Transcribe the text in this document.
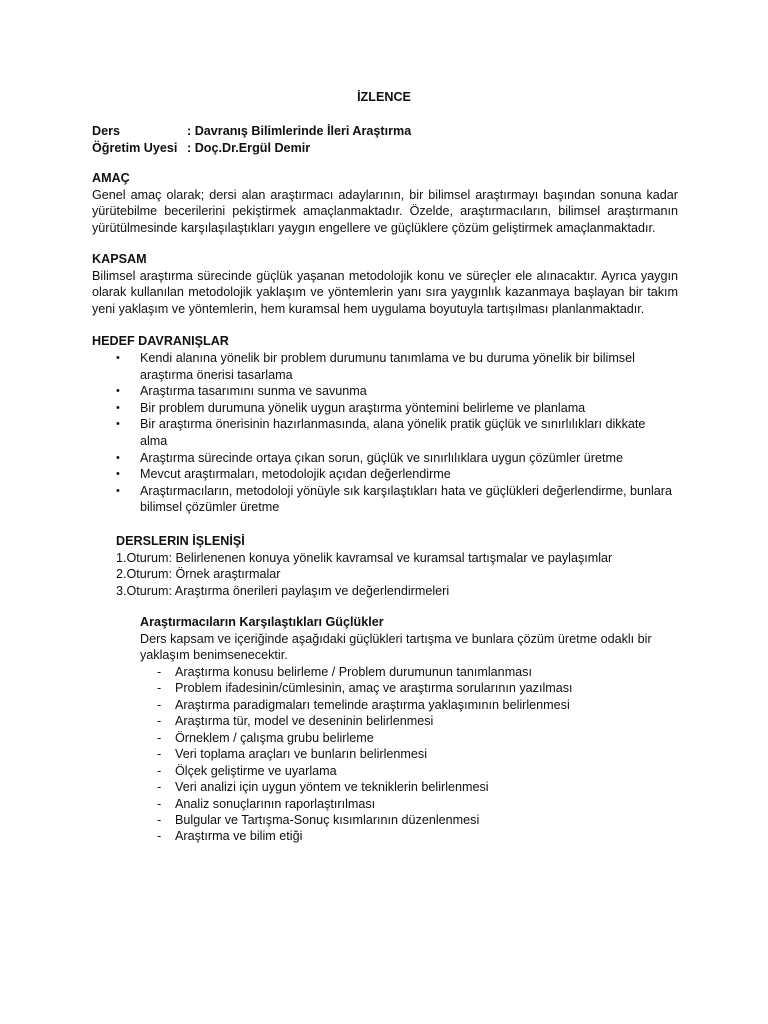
İZLENCE
Ders	: Davranış Bilimlerinde İleri Araştırma
Öğretim Uyesi : Doç.Dr.Ergül Demir
AMAÇ

Genel amaç olarak; dersi alan araştırmacı adaylarının, bir bilimsel araştırmayı başından sonuna kadar yürütebilme becerilerini pekiştirmek amaçlanmaktadır. Özelde, araştırmacıların, bilimsel araştırmanın yürütülmesinde karşılaşılaştıkları yaygın engellere ve güçlüklere çözüm geliştirmek amaçlanmaktadır.

KAPSAM

Bilimsel araştırma sürecinde güçlük yaşanan metodolojik konu ve süreçler ele alınacaktır. Ayrıca yaygın olarak kullanılan metodolojik yaklaşım ve yöntemlerin yanı sıra yaygınlık kazanmaya başlayan bir takım yeni yaklaşım ve yöntemlerin, hem kuramsal hem uygulama boyutuyla tartışılması planlanmaktadır.

HEDEF DAVRANIŞLAR
• Kendi alanına yönelik bir problem durumunu tanımlama ve bu duruma yönelik bir bilimsel araştırma önerisi tasarlama
• Araştırma tasarımını sunma ve savunma
• Bir problem durumuna yönelik uygun araştırma yöntemini belirleme ve planlama
• Bir araştırma önerisinin hazırlanmasında, alana yönelik pratik güçlük ve sınırlılıkları dikkate alma
• Araştırma sürecinde ortaya çıkan sorun, güçlük ve sınırlılıklara uygun çözümler üretme
• Mevcut araştırmaları, metodolojik açıdan değerlendirme
• Araştırmacıların, metodoloji yönüyle sık karşılaştıkları hata ve güçlükleri değerlendirme, bunlara bilimsel çözümler üretme
DERSLERIN İŞLENİŞİ
1.Oturum: Belirlenenen konuya yönelik kavramsal ve kuramsal tartışmalar ve paylaşımlar
2.Oturum: Örnek araştırmalar
3.Oturum: Araştırma önerileri paylaşım ve değerlendirmeleri
Araştırmacıların Karşılaştıkları Güçlükler
Ders kapsam ve içeriğinde aşağıdaki güçlükleri tartışma ve bunlara çözüm üretme odaklı bir yaklaşım benimsenecektir.
- Araştırma konusu belirleme / Problem durumunun tanımlanması
- Problem ifadesinin/cümlesinin, amaç ve araştırma sorularının yazılması
- Araştırma paradigmaları temelinde araştırma yaklaşımının belirlenmesi
- Araştırma tür, model ve deseninin belirlenmesi
- Örneklem / çalışma grubu belirleme
- Veri toplama araçları ve bunların belirlenmesi
- Ölçek geliştirme ve uyarlama
- Veri analizi için uygun yöntem ve tekniklerin belirlenmesi
- Analiz sonuçlarının raporlaştırılması
- Bulgular ve Tartışma-Sonuç kısımlarının düzenlenmesi
- Araştırma ve bilim etiği
